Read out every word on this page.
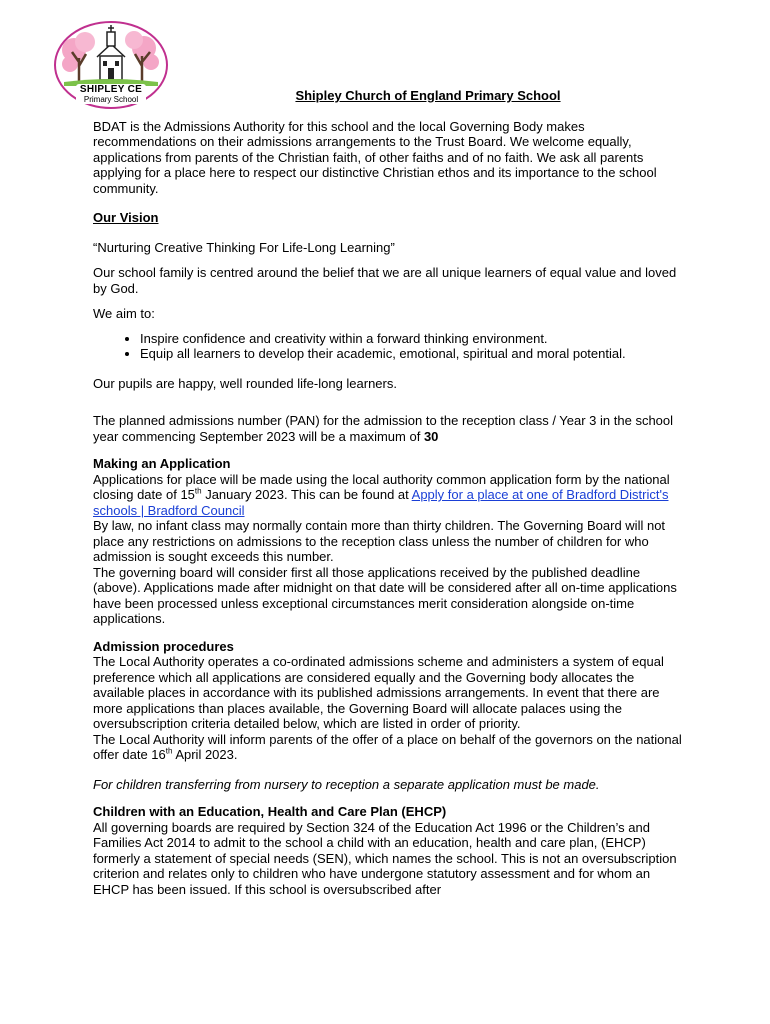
SHIPLEY CE
Primary School	Shipley Church of England Primary School

BDAT is the Admissions Authority for this school and the local Governing Body makes recommendations on their admissions arrangements to the Trust Board. We welcome equally, applications from parents of the Christian faith, of other faiths and of no faith. We ask all parents applying for a place here to respect our distinctive Christian ethos and its importance to the school community.

Our Vision

“Nurturing Creative Thinking For Life-Long Learning”

Our school family is centred around the belief that we are all unique learners of equal value and loved by God.

We aim to:

• Inspire confidence and creativity within a forward thinking environment.
• Equip all learners to develop their academic, emotional, spiritual and moral potential.

Our pupils are happy, well rounded life-long learners.

The planned admissions number (PAN) for the admission to the reception class / Year 3 in the school year commencing September 2023 will be a maximum of 30

Making an Application

Applications for place will be made using the local authority common application form by the national closing date of 15th January 2023. This can be found at Apply for a place at one of Bradford District's schools | Bradford Council

By law, no infant class may normally contain more than thirty children. The Governing Board will not place any restrictions on admissions to the reception class unless the number of children for who admission is sought exceeds this number.

The governing board will consider first all those applications received by the published deadline (above). Applications made after midnight on that date will be considered after all on-time applications have been processed unless exceptional circumstances merit consideration alongside on-time applications.

Admission procedures

The Local Authority operates a co-ordinated admissions scheme and administers a system of equal preference which all applications are considered equally and the Governing body allocates the available places in accordance with its published admissions arrangements. In event that there are more applications than places available, the Governing Board will allocate palaces using the oversubscription criteria detailed below, which are listed in order of priority.

The Local Authority will inform parents of the offer of a place on behalf of the governors on the national offer date 16th April 2023.

For children transferring from nursery to reception a separate application must be made.

Children with an Education, Health and Care Plan (EHCP)

All governing boards are required by Section 324 of the Education Act 1996 or the Children’s and Families Act 2014 to admit to the school a child with an education, health and care plan, (EHCP) formerly a statement of special needs (SEN), which names the school. This is not an oversubscription criterion and relates only to children who have undergone statutory assessment and for whom an EHCP has been issued. If this school is oversubscribed after
